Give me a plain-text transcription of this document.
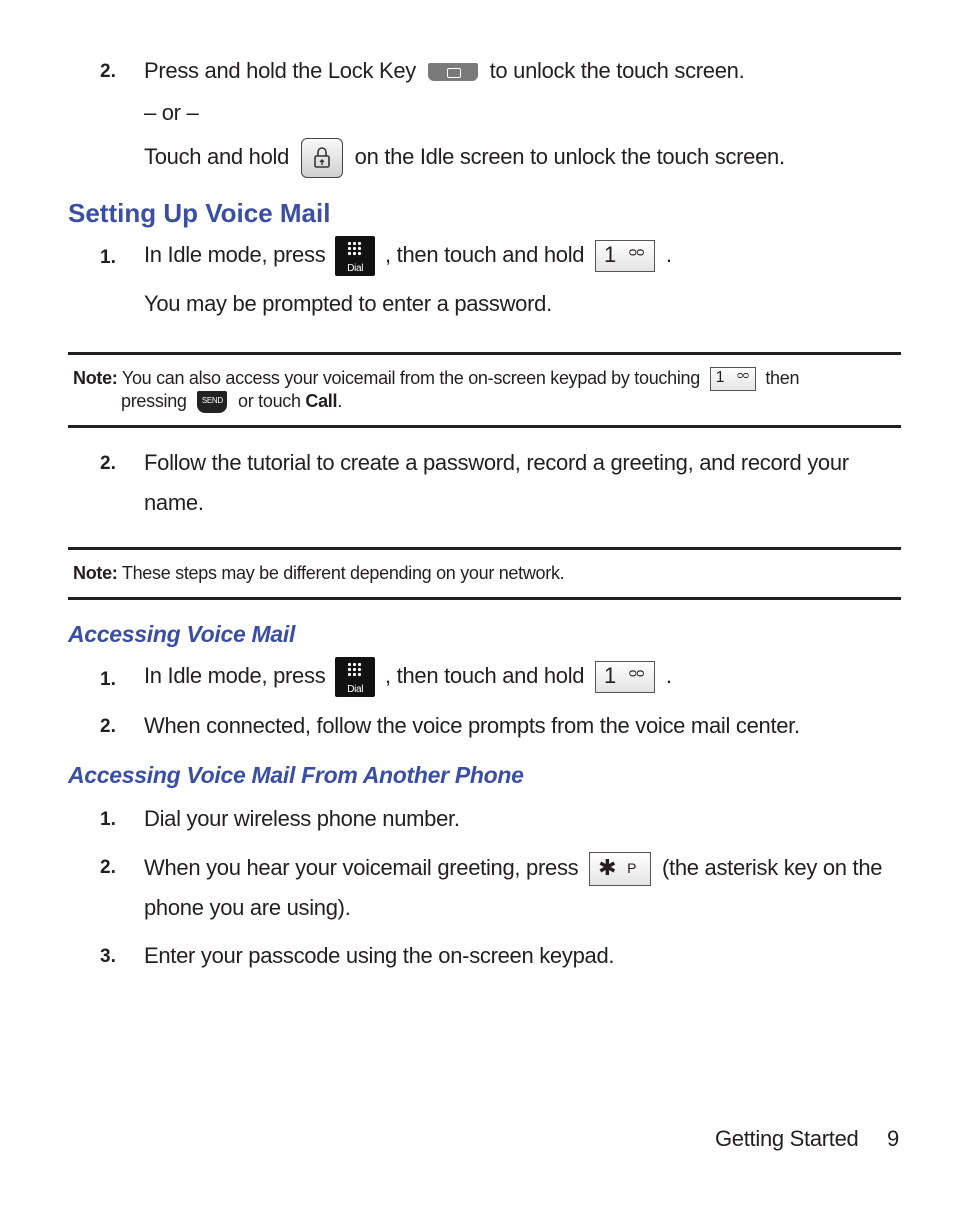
2. Press and hold the Lock Key	to unlock the touch screen.
– or –
Touch and hold	on the Idle screen to unlock the touch screen.
Setting Up Voice Mail
1. In Idle mode, press
Dial
, then touch and hold 1 ᴑᴑ .
You may be prompted to enter a password.
Note: You can also access your voicemail from the on-screen keypad by touching 1 ᴑᴑ then
pressing SEND or touch Call.
2. Follow the tutorial to create a password, record a greeting, and record your
name.
Note: These steps may be different depending on your network.
Accessing Voice Mail
1. In Idle mode, press
Dial
, then touch and hold 1 ᴑᴑ .
2. When connected, follow the voice prompts from the voice mail center.
Accessing Voice Mail From Another Phone
1. Dial your wireless phone number.
2. When you hear your voicemail greeting, press ✱ P (the asterisk key on the
phone you are using).
3. Enter your passcode using the on-screen keypad.
Getting Started 9
